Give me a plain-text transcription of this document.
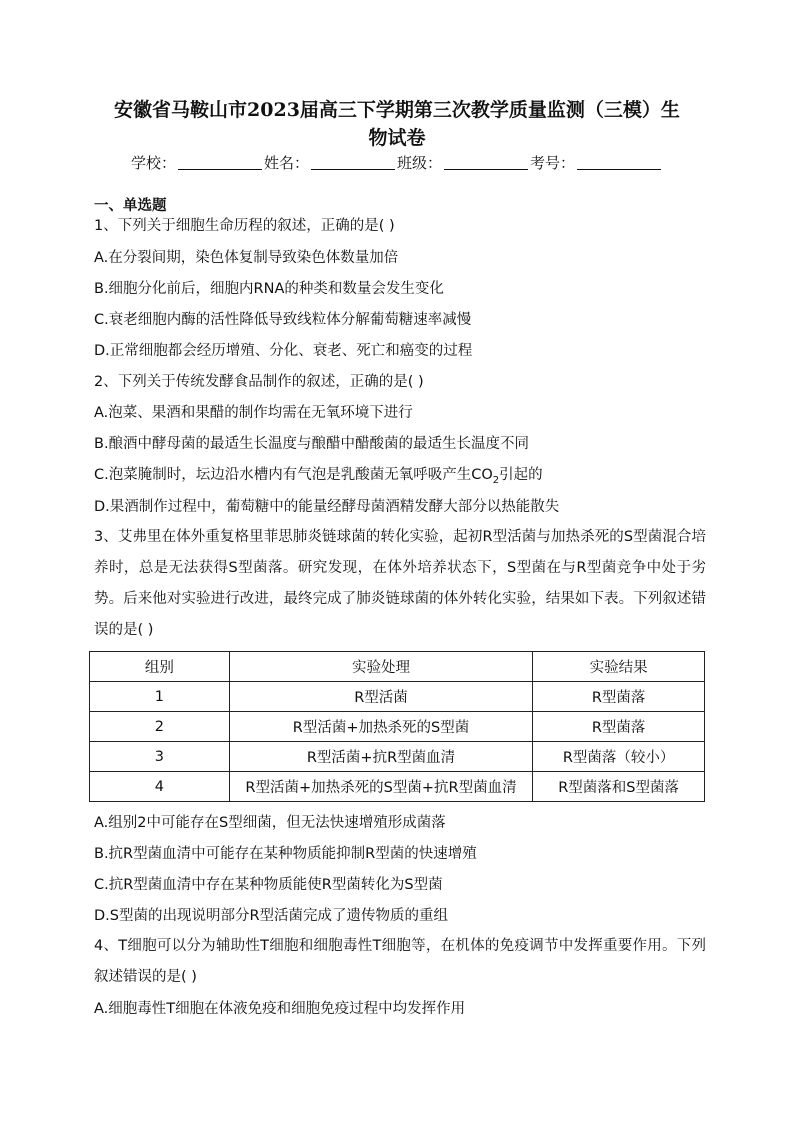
安徽省马鞍山市2023届高三下学期第三次教学质量监测（三模）生
物试卷
学校：	姓名：	班级：	考号：
一、单选题
1、下列关于细胞生命历程的叙述，正确的是( )
A.在分裂间期，染色体复制导致染色体数量加倍
B.细胞分化前后，细胞内RNA的种类和数量会发生变化
C.衰老细胞内酶的活性降低导致线粒体分解葡萄糖速率减慢
D.正常细胞都会经历增殖、分化、衰老、死亡和癌变的过程
2、下列关于传统发酵食品制作的叙述，正确的是( )
A.泡菜、果酒和果醋的制作均需在无氧环境下进行
B.酿酒中酵母菌的最适生长温度与酿醋中醋酸菌的最适生长温度不同
C.泡菜腌制时，坛边沿水槽内有气泡是乳酸菌无氧呼吸产生$CO_2$引起的
D.果酒制作过程中，葡萄糖中的能量经酵母菌酒精发酵大部分以热能散失
3、艾弗里在体外重复格里菲思肺炎链球菌的转化实验，起初R型活菌与加热杀死的S型菌混合培养时，总是无法获得S型菌落。研究发现，在体外培养状态下，S型菌在与R型菌竞争中处于劣势。后来他对实验进行改进，最终完成了肺炎链球菌的体外转化实验，结果如下表。下列叙述错误的是( )
组别	实验处理	实验结果
1	R型活菌	R型菌落
2	R型活菌+加热杀死的S型菌	R型菌落
3	R型活菌+抗R型菌血清	R型菌落（较小）
4	R型活菌+加热杀死的S型菌+抗R型菌血清	R型菌落和S型菌落
A.组别2中可能存在S型细菌，但无法快速增殖形成菌落
B.抗R型菌血清中可能存在某种物质能抑制R型菌的快速增殖
C.抗R型菌血清中存在某种物质能使R型菌转化为S型菌
D.S型菌的出现说明部分R型活菌完成了遗传物质的重组
4、T细胞可以分为辅助性T细胞和细胞毒性T细胞等，在机体的免疫调节中发挥重要作用。下列叙述错误的是( )
A.细胞毒性T细胞在体液免疫和细胞免疫过程中均发挥作用
